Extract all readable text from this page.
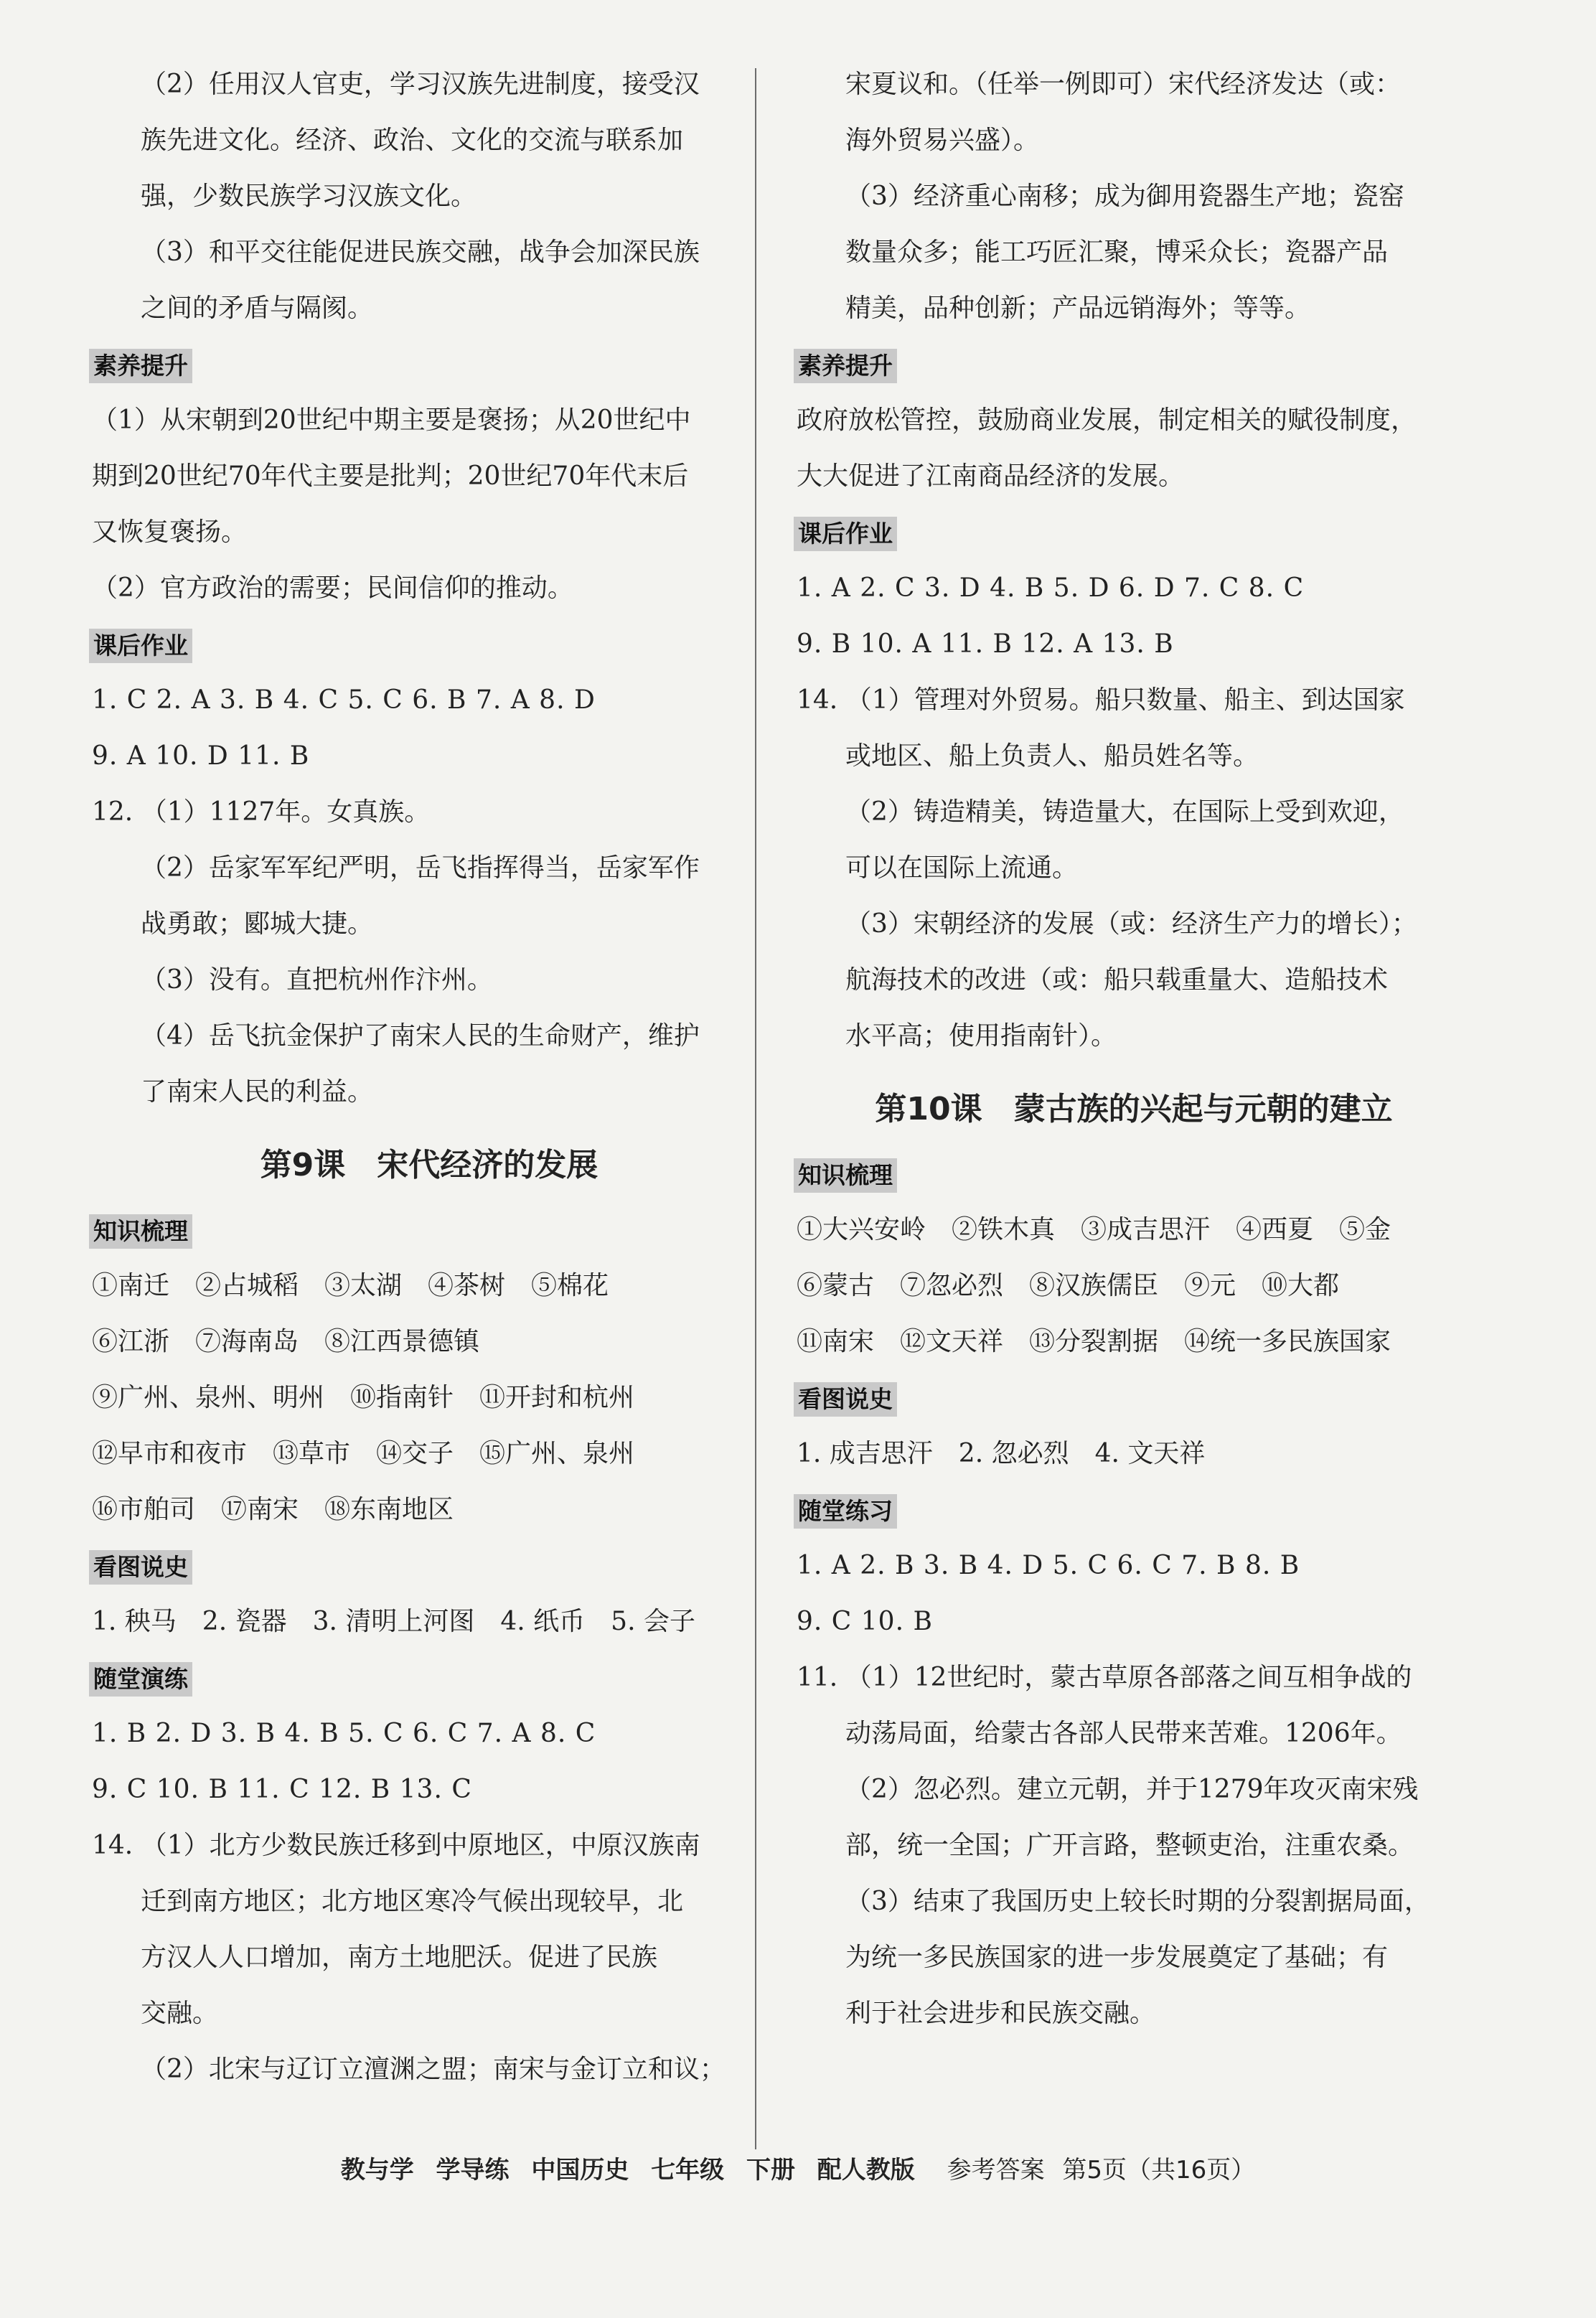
（2）任用汉人官吏，学习汉族先进制度，接受汉
族先进文化。经济、政治、文化的交流与联系加
强，少数民族学习汉族文化。
（3）和平交往能促进民族交融，战争会加深民族
之间的矛盾与隔阂。
素养提升
（1）从宋朝到20世纪中期主要是褒扬；从20世纪中
期到20世纪70年代主要是批判；20世纪70年代末后
又恢复褒扬。
（2）官方政治的需要；民间信仰的推动。
课后作业
1. C 2. A 3. B 4. C 5. C 6. B 7. A 8. D
9. A 10. D 11. B
12. （1）1127年。女真族。
（2）岳家军军纪严明，岳飞指挥得当，岳家军作
战勇敢；郾城大捷。
（3）没有。直把杭州作汴州。
（4）岳飞抗金保护了南宋人民的生命财产，维护
了南宋人民的利益。
第9课　宋代经济的发展
知识梳理
①南迁　②占城稻　③太湖　④茶树　⑤棉花
⑥江浙　⑦海南岛　⑧江西景德镇
⑨广州、泉州、明州　⑩指南针　⑪开封和杭州
⑫早市和夜市　⑬草市　⑭交子　⑮广州、泉州
⑯市舶司　⑰南宋　⑱东南地区
看图说史
1. 秧马　2. 瓷器　3. 清明上河图　4. 纸币　5. 会子
随堂演练
1. B 2. D 3. B 4. B 5. C 6. C 7. A 8. C
9. C 10. B 11. C 12. B 13. C
14. （1）北方少数民族迁移到中原地区，中原汉族南
迁到南方地区；北方地区寒冷气候出现较早，北
方汉人人口增加，南方土地肥沃。促进了民族
交融。
（2）北宋与辽订立澶渊之盟；南宋与金订立和议；
宋夏议和。（任举一例即可）宋代经济发达（或：
海外贸易兴盛）。
（3）经济重心南移；成为御用瓷器生产地；瓷窑
数量众多；能工巧匠汇聚，博采众长；瓷器产品
精美，品种创新；产品远销海外；等等。
素养提升
政府放松管控，鼓励商业发展，制定相关的赋役制度，
大大促进了江南商品经济的发展。
课后作业
1. A 2. C 3. D 4. B 5. D 6. D 7. C 8. C
9. B 10. A 11. B 12. A 13. B
14. （1）管理对外贸易。船只数量、船主、到达国家
或地区、船上负责人、船员姓名等。
（2）铸造精美，铸造量大，在国际上受到欢迎，
可以在国际上流通。
（3）宋朝经济的发展（或：经济生产力的增长）；
航海技术的改进（或：船只载重量大、造船技术
水平高；使用指南针）。
第10课　蒙古族的兴起与元朝的建立
知识梳理
①大兴安岭　②铁木真　③成吉思汗　④西夏　⑤金
⑥蒙古　⑦忽必烈　⑧汉族儒臣　⑨元　⑩大都
⑪南宋　⑫文天祥　⑬分裂割据　⑭统一多民族国家
看图说史
1. 成吉思汗　2. 忽必烈　4. 文天祥
随堂练习
1. A 2. B 3. B 4. D 5. C 6. C 7. B 8. B
9. C 10. B
11. （1）12世纪时，蒙古草原各部落之间互相争战的
动荡局面，给蒙古各部人民带来苦难。1206年。
（2）忽必烈。建立元朝，并于1279年攻灭南宋残
部，统一全国；广开言路，整顿吏治，注重农桑。
（3）结束了我国历史上较长时期的分裂割据局面，
为统一多民族国家的进一步发展奠定了基础；有
利于社会进步和民族交融。
教与学 学导练 中国历史 七年级 下册 配人教版 参考答案 第5页（共16页）
